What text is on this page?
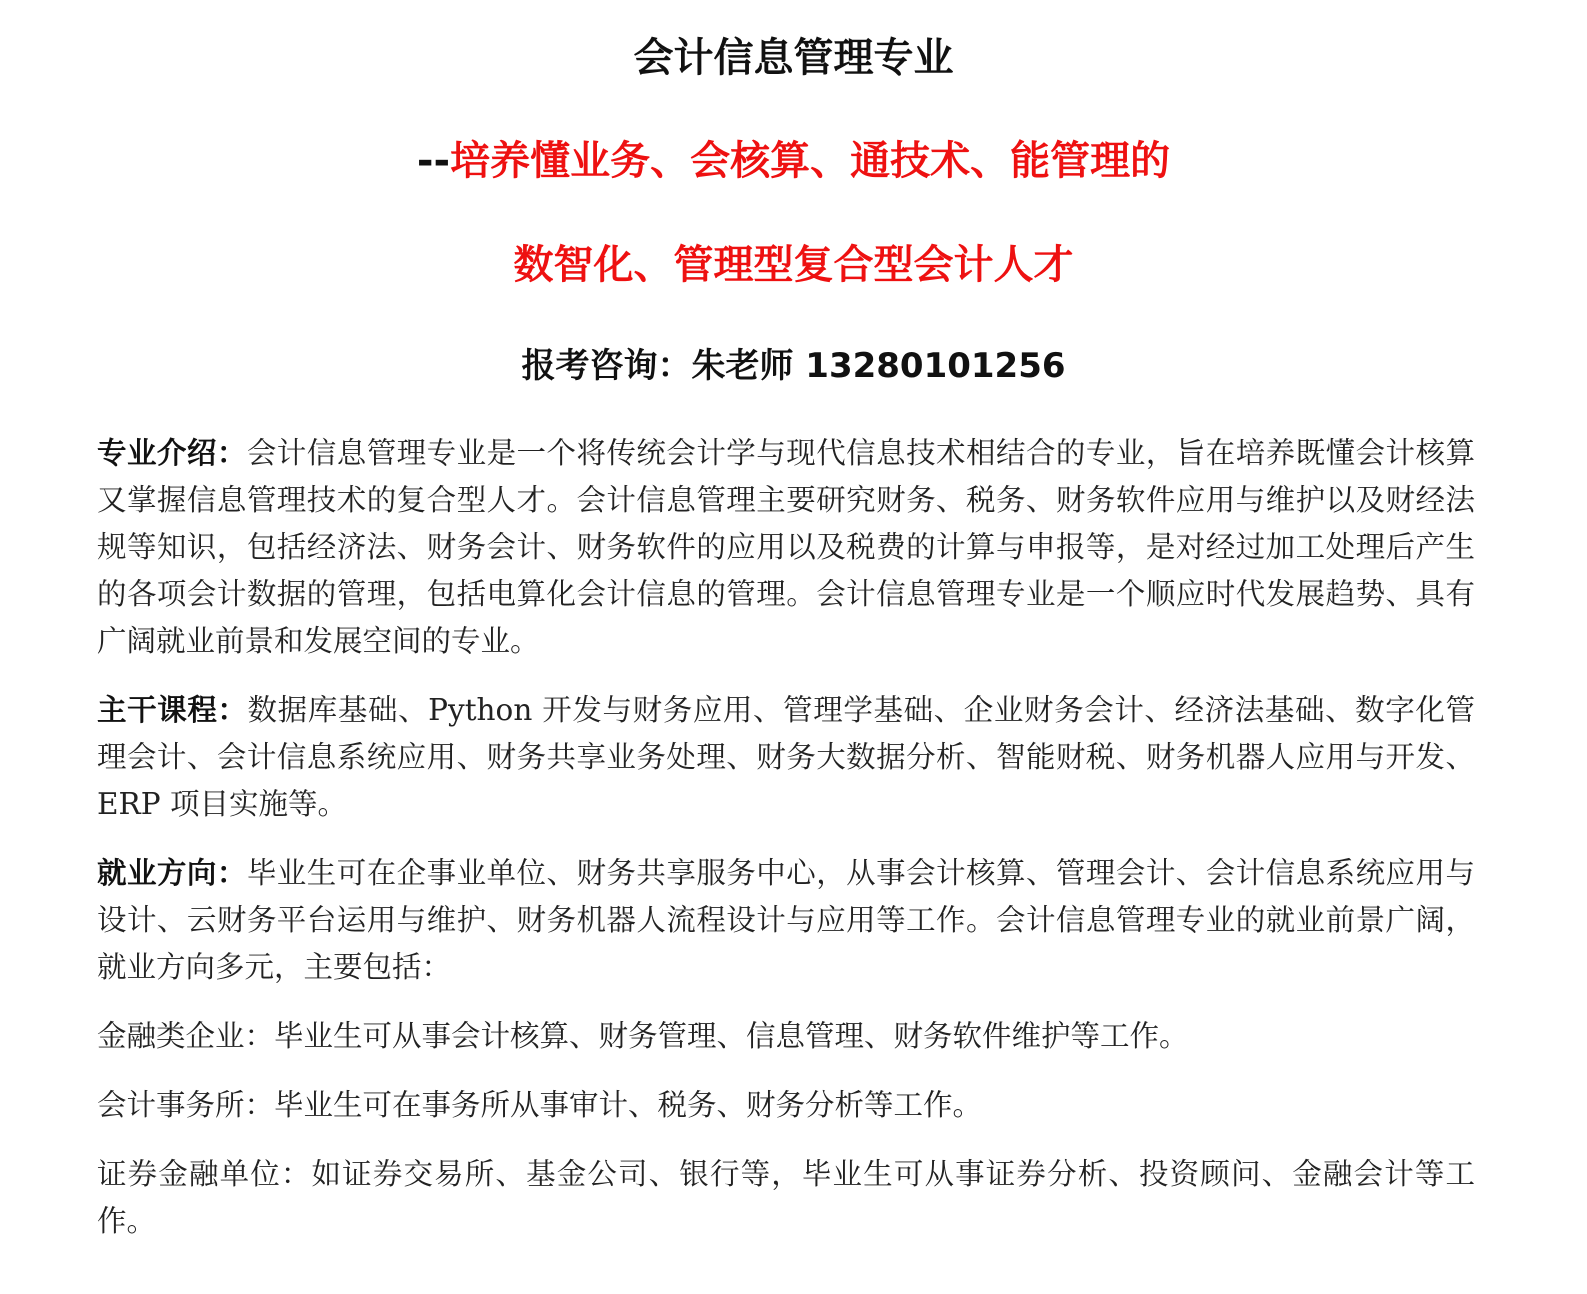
会计信息管理专业
--培养懂业务、会核算、通技术、能管理的
数智化、管理型复合型会计人才
报考咨询：朱老师 13280101256

专业介绍：会计信息管理专业是一个将传统会计学与现代信息技术相结合的专业，旨在培养既懂会计核算又掌握信息管理技术的复合型人才。会计信息管理主要研究财务、税务、财务软件应用与维护以及财经法规等知识，包括经济法、财务会计、财务软件的应用以及税费的计算与申报等，是对经过加工处理后产生的各项会计数据的管理，包括电算化会计信息的管理。会计信息管理专业是一个顺应时代发展趋势、具有广阔就业前景和发展空间的专业。

主干课程：数据库基础、Python 开发与财务应用、管理学基础、企业财务会计、经济法基础、数字化管理会计、会计信息系统应用、财务共享业务处理、财务大数据分析、智能财税、财务机器人应用与开发、ERP 项目实施等。

就业方向：毕业生可在企事业单位、财务共享服务中心，从事会计核算、管理会计、会计信息系统应用与设计、云财务平台运用与维护、财务机器人流程设计与应用等工作。会计信息管理专业的就业前景广阔，就业方向多元，主要包括：

金融类企业：毕业生可从事会计核算、财务管理、信息管理、财务软件维护等工作。

会计事务所：毕业生可在事务所从事审计、税务、财务分析等工作。

证券金融单位：如证券交易所、基金公司、银行等，毕业生可从事证券分析、投资顾问、金融会计等工作。
